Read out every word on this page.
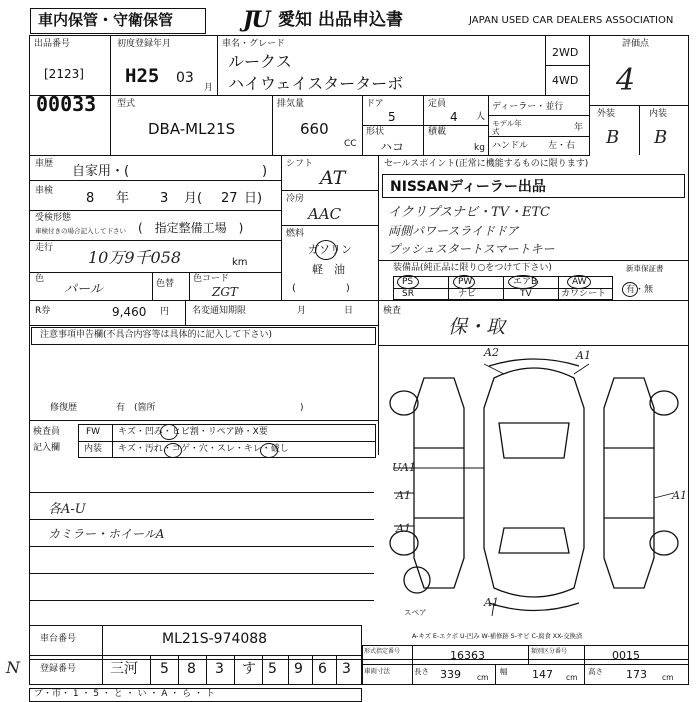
車内保管・守衛保管	JU 愛知 出品申込書	JAPAN USED CAR DEALERS ASSOCIATION
出品番号
[2123]
00033
初度登録年月
H25 03
月
車名・グレード
ルークス
ハイウェイスターターボ
2WD
4WD
評価点
4
外装	内装
B B
型式
DBA-ML21S
排気量
660
CC
ドア
5
定員
4 人
形状
ハコ
積載
kg
ディーラー・並行
モデル年式	年
ハンドル 左・右
車歴 自家用・(	)
車検	8 年 3 月( 27 日)
受検形態
車検付きの場合記入して下さい (　指定整備工場　)
走行 10万9千058	km
色
パール	色替 色コード
ZGT
シフト
AT
冷房
AAC
燃料
ガソリン
軽　油
(　　　　　)
セールスポイント(正常に機能するものに限ります)
NISSANディーラー出品
イクリプスナビ・TV・ETC
両側パワースライドドア
プッシュスタートスマートキー
装備品(純正品に限り○をつけて下さい)
PS	PW	エアB	AW
SR	ナビ	TV	カワシート
新車保証書
有・無
R券	9,460 円	名変通知期限	月	日
注意事項申告欄(不具合内容等は具体的に記入して下さい)
修復歴	有　(箇所	)
検査員
記入欄
FW キズ・凹み・ヒビ割・リペア跡・X要
内装 キズ・汚れ・コゲ・穴・スレ・キレ・破し
各A-U
カミラー・ホイールA
検査
保・取
A2	A1
UA1
A1
A1
A1
A1
スペア
A-キズ E-エクボ U-凹み W-補修跡 S-サビ C-腐食 XX-交換済
形式指定番号	16363	類別区分番号	0015
車両寸法	長さ 339 cm
幅 147 cm
高さ 173 cm
車台番号	ML21S-974088
登録番号 三河 5 8 3 す 5 9 6 3
N
プ・市・ 1 ・ 5 ・ と ・ い ・ A ・ ら ・ ト
